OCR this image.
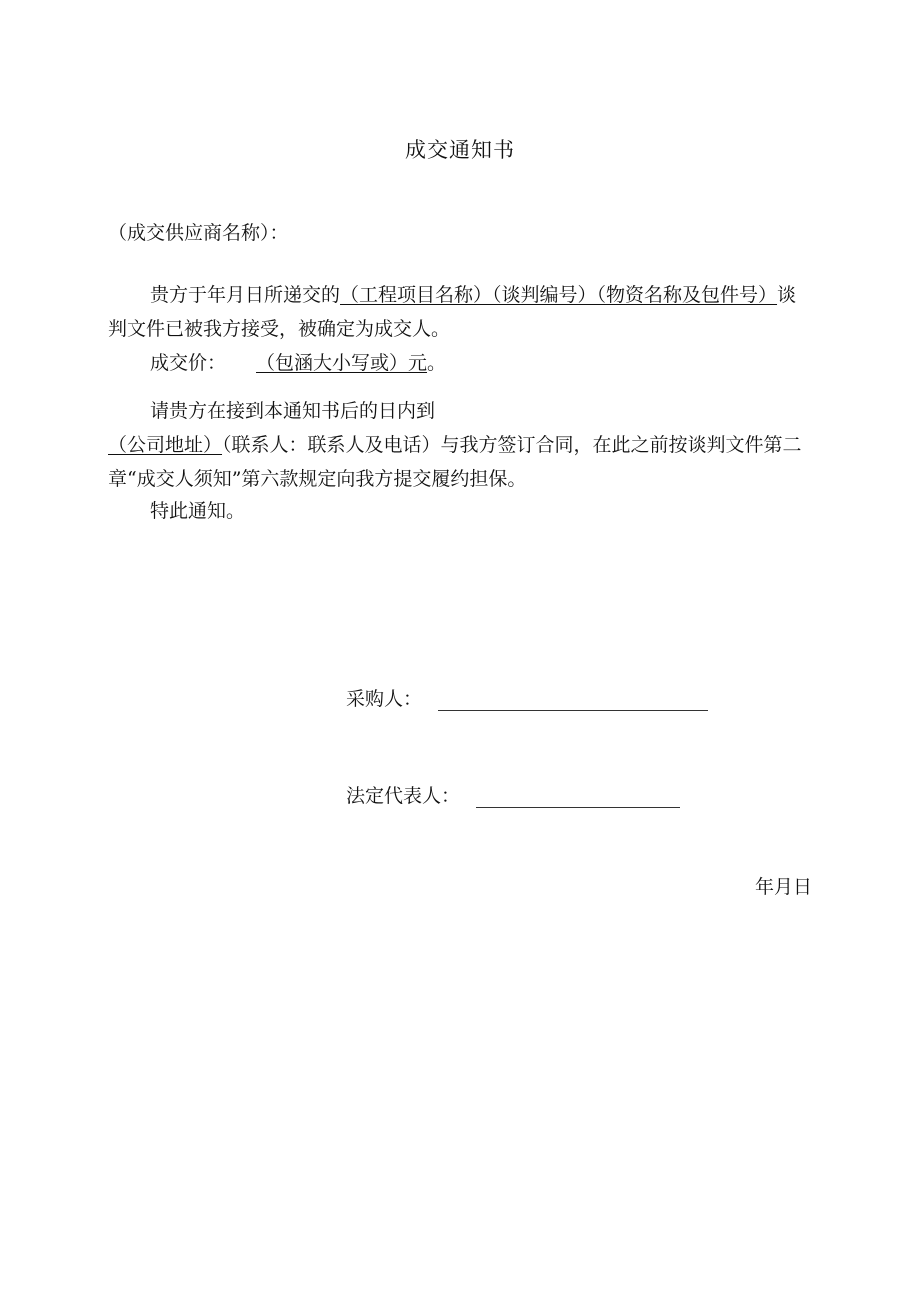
成交通知书
（成交供应商名称）：
贵方于年月日所递交的（工程项目名称）（谈判编号）（物资名称及包件号）谈判文件已被我方接受，被确定为成交人。
成交价： （包涵大小写或）元。
请贵方在接到本通知书后的日内到
（公司地址）（联系人：联系人及电话）与我方签订合同，在此之前按谈判文件第二章“成交人须知”第六款规定向我方提交履约担保。
特此通知。
采购人：
法定代表人：
年月日
